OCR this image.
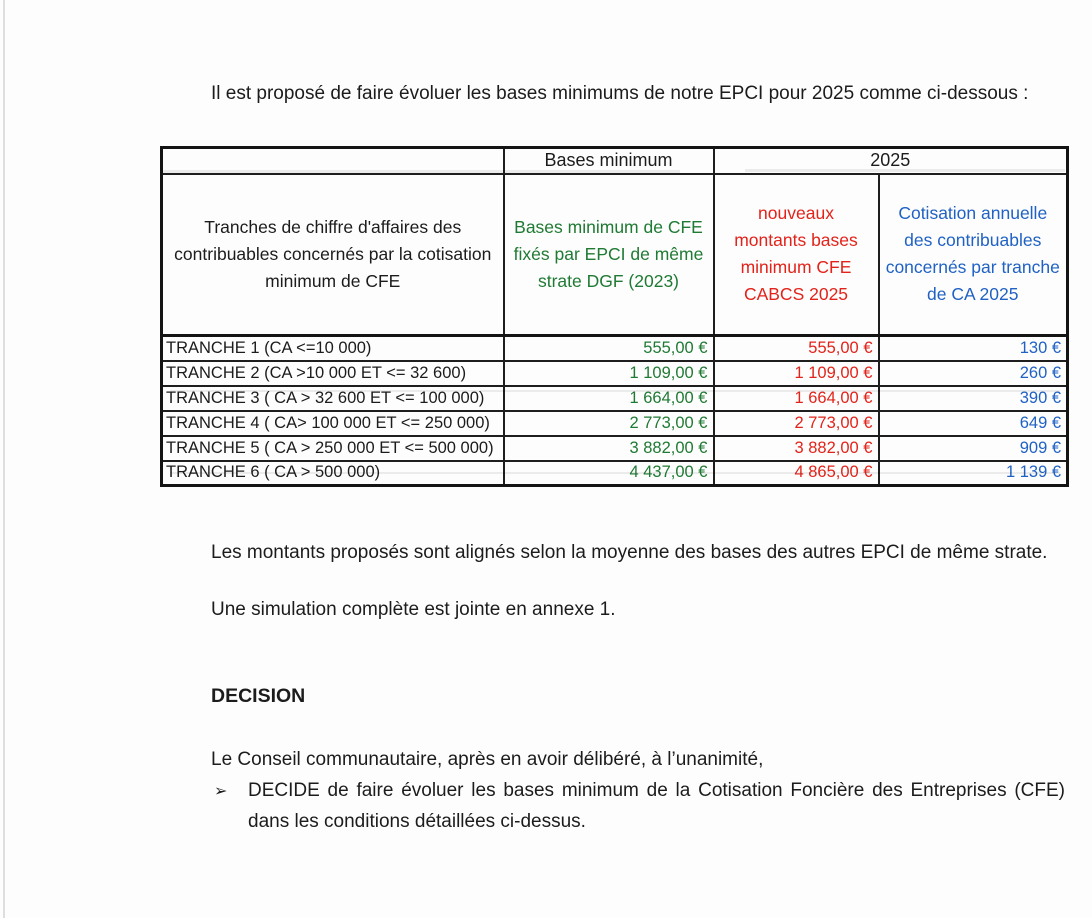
Il est proposé de faire évoluer les bases minimums de notre EPCI pour 2025 comme ci-dessous :

	Bases minimum	2025	
Tranches de chiffre d'affaires des contribuables concernés par la cotisation minimum de CFE	Bases minimum de CFE fixés par EPCI de même strate DGF (2023)	nouveaux montants bases minimum CFE CABCS 2025	Cotisation annuelle des contribuables concernés par tranche de CA 2025
TRANCHE 1 (CA <=10 000)	555,00 €	555,00 €	130 €
TRANCHE 2 (CA >10 000 ET <= 32 600)	1 109,00 €	1 109,00 €	260 €
TRANCHE 3 ( CA > 32 600 ET <= 100 000)	1 664,00 €	1 664,00 €	390 €
TRANCHE 4 ( CA> 100 000 ET <= 250 000)	2 773,00 €	2 773,00 €	649 €
TRANCHE 5 ( CA > 250 000 ET <= 500 000)	3 882,00 €	3 882,00 €	909 €
TRANCHE 6 ( CA > 500 000)	4 437,00 €	4 865,00 €	1 139 €

Les montants proposés sont alignés selon la moyenne des bases des autres EPCI de même strate.

Une simulation complète est jointe en annexe 1.

DECISION

Le Conseil communautaire, après en avoir délibéré, à l’unanimité,

➢	DECIDE de faire évoluer les bases minimum de la Cotisation Foncière des Entreprises (CFE) dans les conditions détaillées ci-dessus.
